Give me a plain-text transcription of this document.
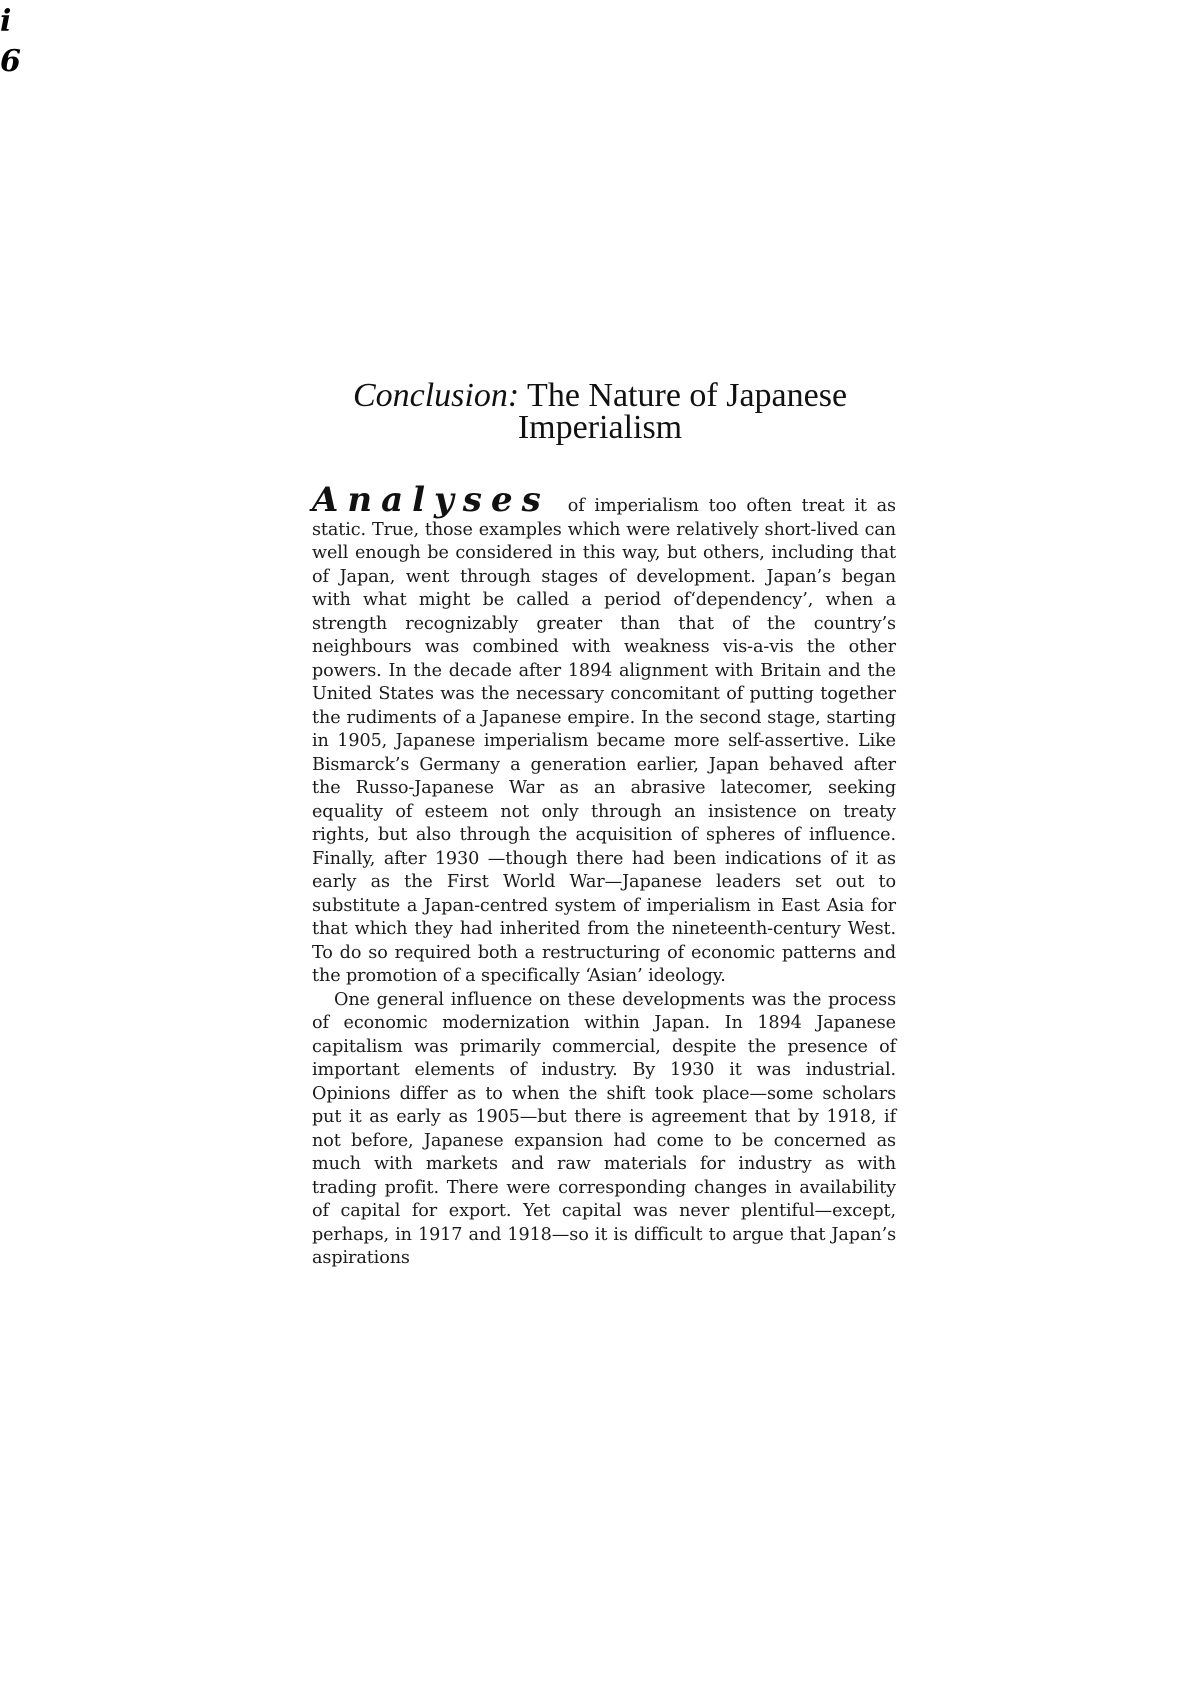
i
6
Conclusion: The Nature of Japanese
Imperialism

Analyses of imperialism too often treat it as static. True, those examples which were relatively short-lived can well enough be considered in this way, but others, including that of Japan, went through stages of development. Japan’s began with what might be called a period of‘dependency’, when a strength recognizably greater than that of the country’s neighbours was combined with weakness vis-a-vis the other powers. In the decade after 1894 alignment with Britain and the United States was the necessary concomitant of putting together the rudiments of a Japanese empire. In the second stage, starting in 1905, Japanese imperialism became more self-assertive. Like Bismarck’s Germany a generation earlier, Japan behaved after the Russo-Japanese War as an abrasive latecomer, seeking equality of esteem not only through an insistence on treaty rights, but also through the acquisition of spheres of influence. Finally, after 1930 —though there had been indications of it as early as the First World War—Japanese leaders set out to substitute a Japan-centred system of imperialism in East Asia for that which they had inherited from the nineteenth-century West. To do so required both a restructuring of economic patterns and the promotion of a specifically ‘Asian’ ideology.

One general influence on these developments was the process of economic modernization within Japan. In 1894 Japanese capitalism was primarily commercial, despite the presence of important elements of industry. By 1930 it was industrial. Opinions differ as to when the shift took place—some scholars put it as early as 1905—but there is agreement that by 1918, if not before, Japanese expansion had come to be concerned as much with markets and raw materials for industry as with trading profit. There were corresponding changes in availability of capital for export. Yet capital was never plentiful—except, perhaps, in 1917 and 1918—so it is difficult to argue that Japan’s aspirations
